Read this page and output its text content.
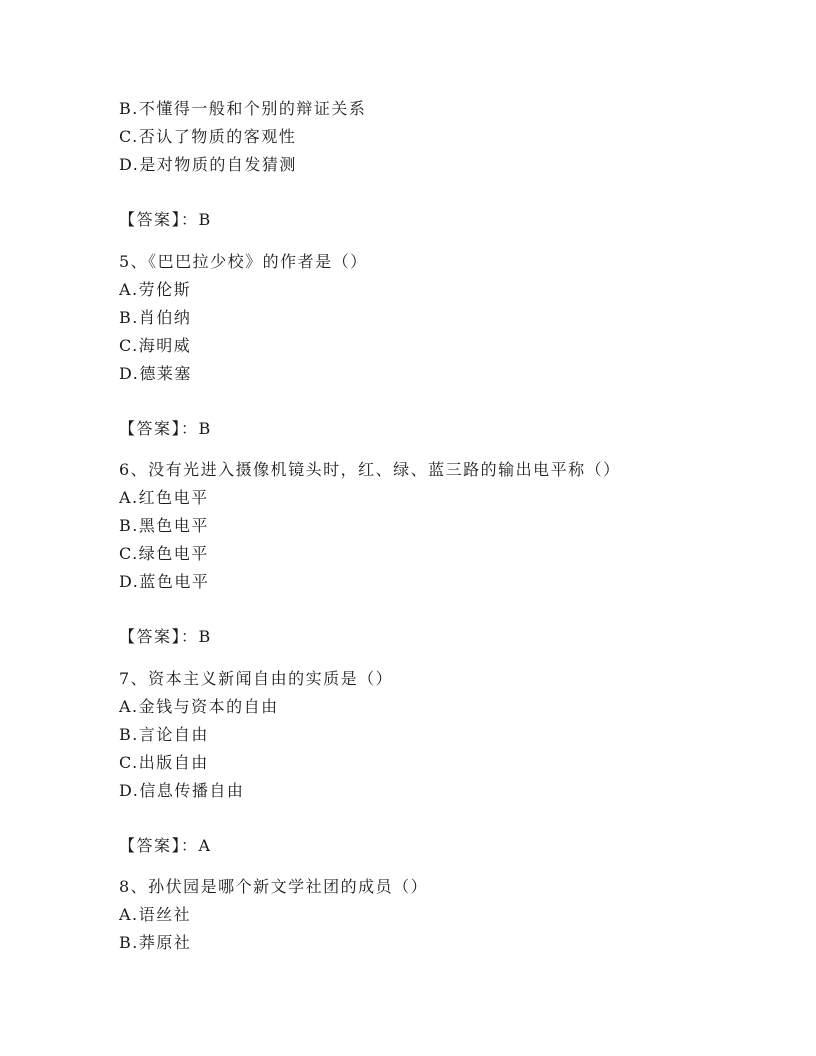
B.不懂得一般和个别的辩证关系
C.否认了物质的客观性
D.是对物质的自发猜测
【答案】：B
5、《巴巴拉少校》的作者是（）
A.劳伦斯
B.肖伯纳
C.海明威
D.德莱塞
【答案】：B
6、没有光进入摄像机镜头时，红、绿、蓝三路的输出电平称（）
A.红色电平
B.黑色电平
C.绿色电平
D.蓝色电平
【答案】：B
7、资本主义新闻自由的实质是（）
A.金钱与资本的自由
B.言论自由
C.出版自由
D.信息传播自由
【答案】：A
8、孙伏园是哪个新文学社团的成员（）
A.语丝社
B.莽原社
